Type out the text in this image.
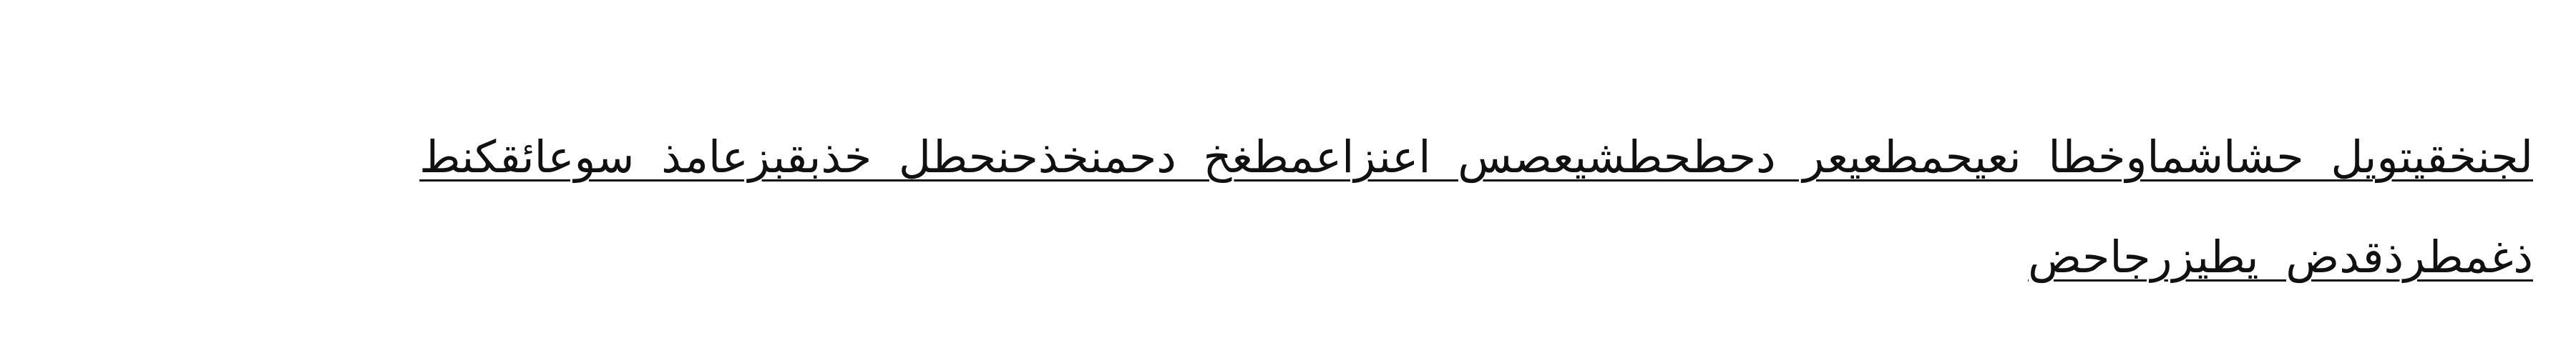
لجنخقيتويل حشاشماوخطا نعيحمطعيعر دحطحطشيعصس اعنزاعمطغخ دحمنخذحنحطل خذبقبزعامذ سوعائقكنط ذغمطرذقدض يطيزرجاحض
